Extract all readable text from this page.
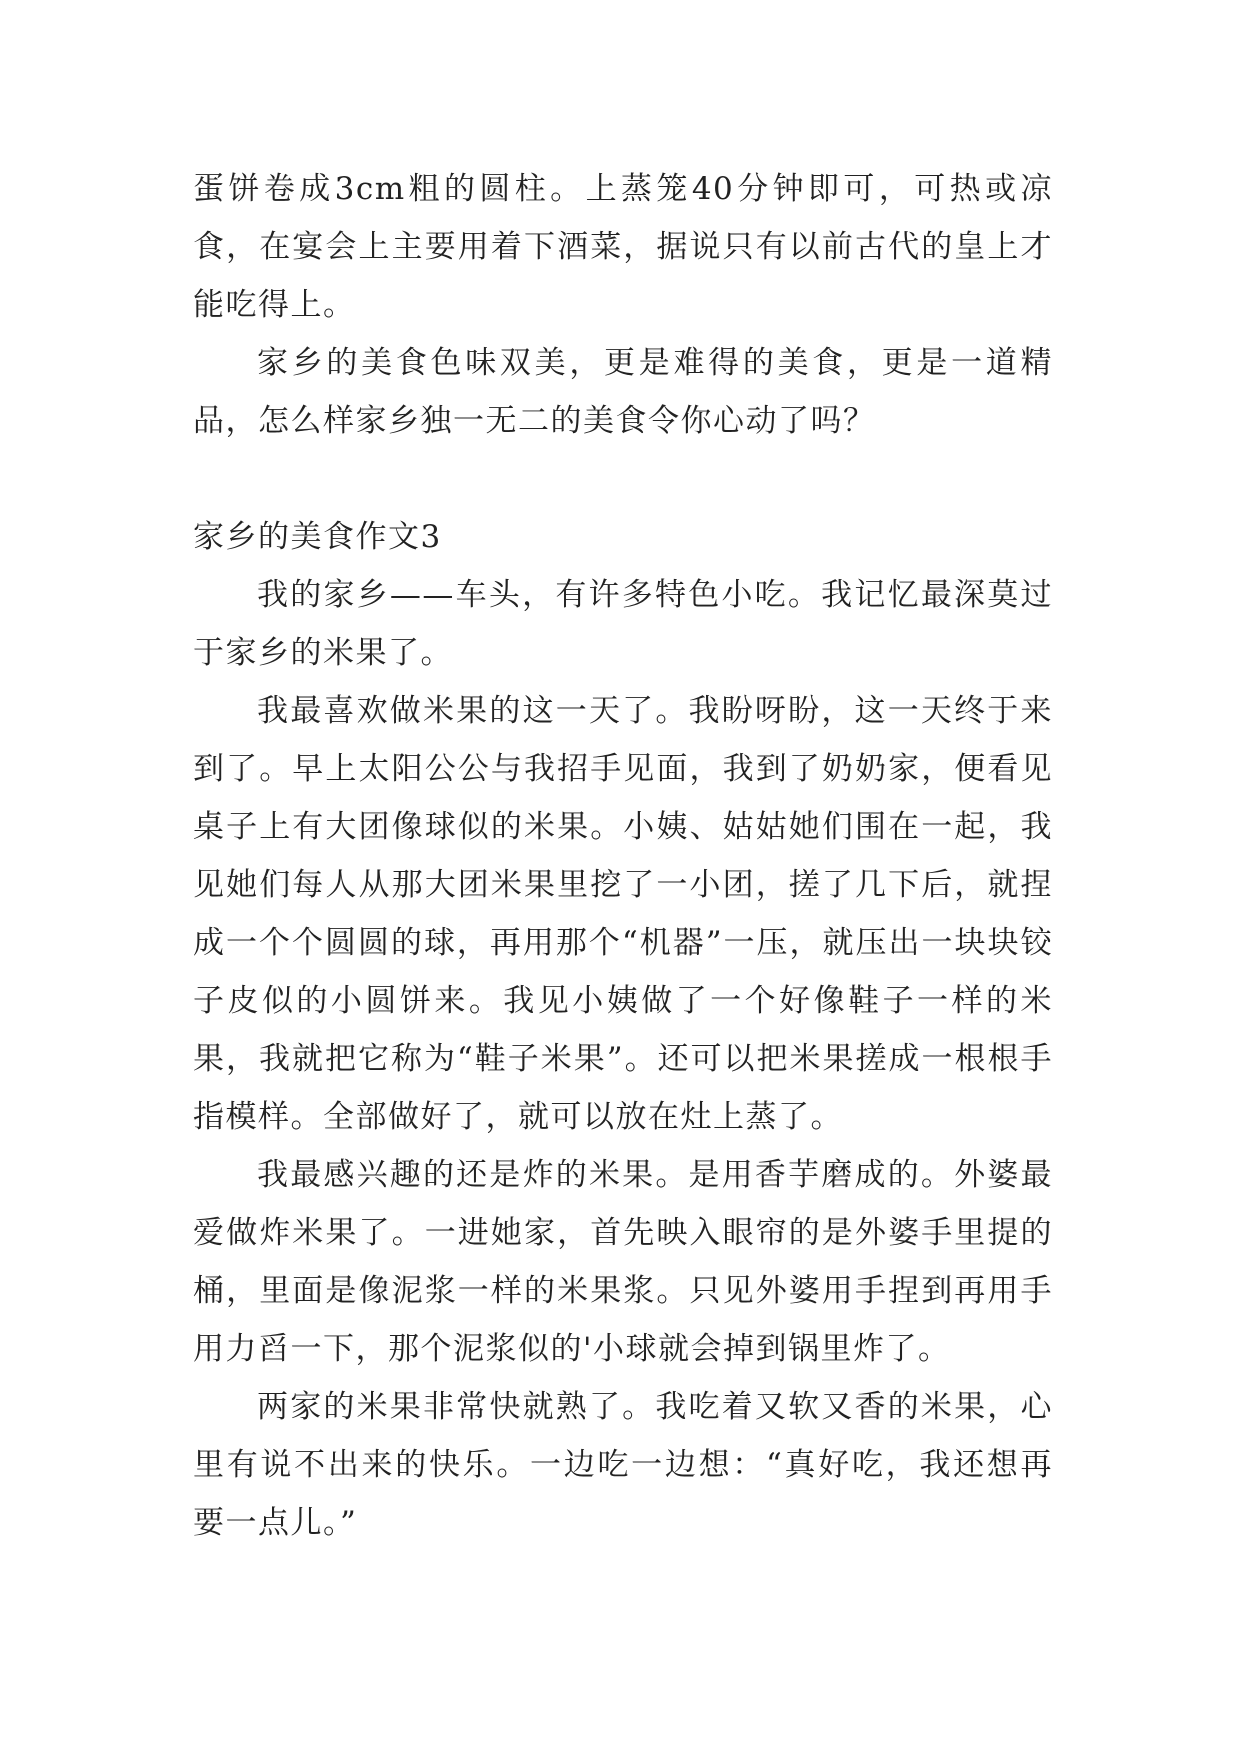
蛋饼卷成3cm粗的圆柱。上蒸笼40分钟即可，可热或凉食，在宴会上主要用着下酒菜，据说只有以前古代的皇上才能吃得上。

家乡的美食色味双美，更是难得的美食，更是一道精品，怎么样家乡独一无二的美食令你心动了吗？

家乡的美食作文3

我的家乡——车头，有许多特色小吃。我记忆最深莫过于家乡的米果了。

我最喜欢做米果的这一天了。我盼呀盼，这一天终于来到了。早上太阳公公与我招手见面，我到了奶奶家，便看见桌子上有大团像球似的米果。小姨、姑姑她们围在一起，我见她们每人从那大团米果里挖了一小团，搓了几下后，就捏成一个个圆圆的球，再用那个“机器”一压，就压出一块块铰子皮似的小圆饼来。我见小姨做了一个好像鞋子一样的米果，我就把它称为“鞋子米果”。还可以把米果搓成一根根手指模样。全部做好了，就可以放在灶上蒸了。

我最感兴趣的还是炸的米果。是用香芋磨成的。外婆最爱做炸米果了。一进她家，首先映入眼帘的是外婆手里提的桶，里面是像泥浆一样的米果浆。只见外婆用手捏到再用手用力舀一下，那个泥浆似的'小球就会掉到锅里炸了。

两家的米果非常快就熟了。我吃着又软又香的米果，心里有说不出来的快乐。一边吃一边想：“真好吃，我还想再要一点儿。”
